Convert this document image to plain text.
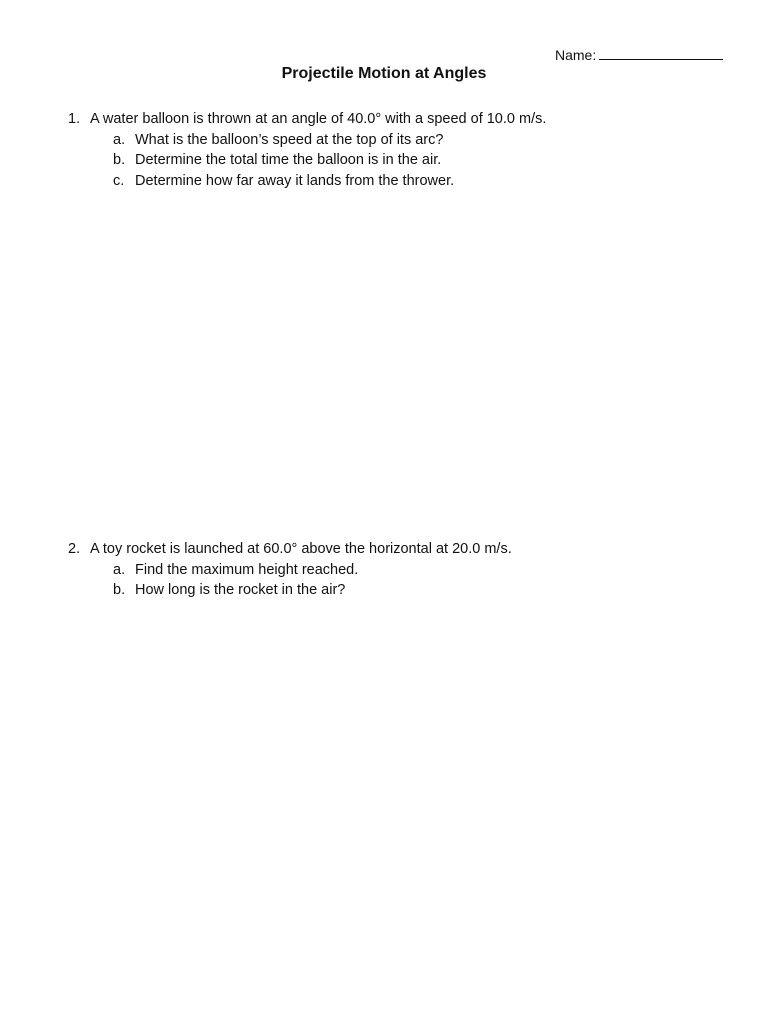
Name:
Projectile Motion at Angles
1. A water balloon is thrown at an angle of 40.0° with a speed of 10.0 m/s.
a. What is the balloon’s speed at the top of its arc?
b. Determine the total time the balloon is in the air.
c. Determine how far away it lands from the thrower.
2. A toy rocket is launched at 60.0° above the horizontal at 20.0 m/s.
a. Find the maximum height reached.
b. How long is the rocket in the air?
